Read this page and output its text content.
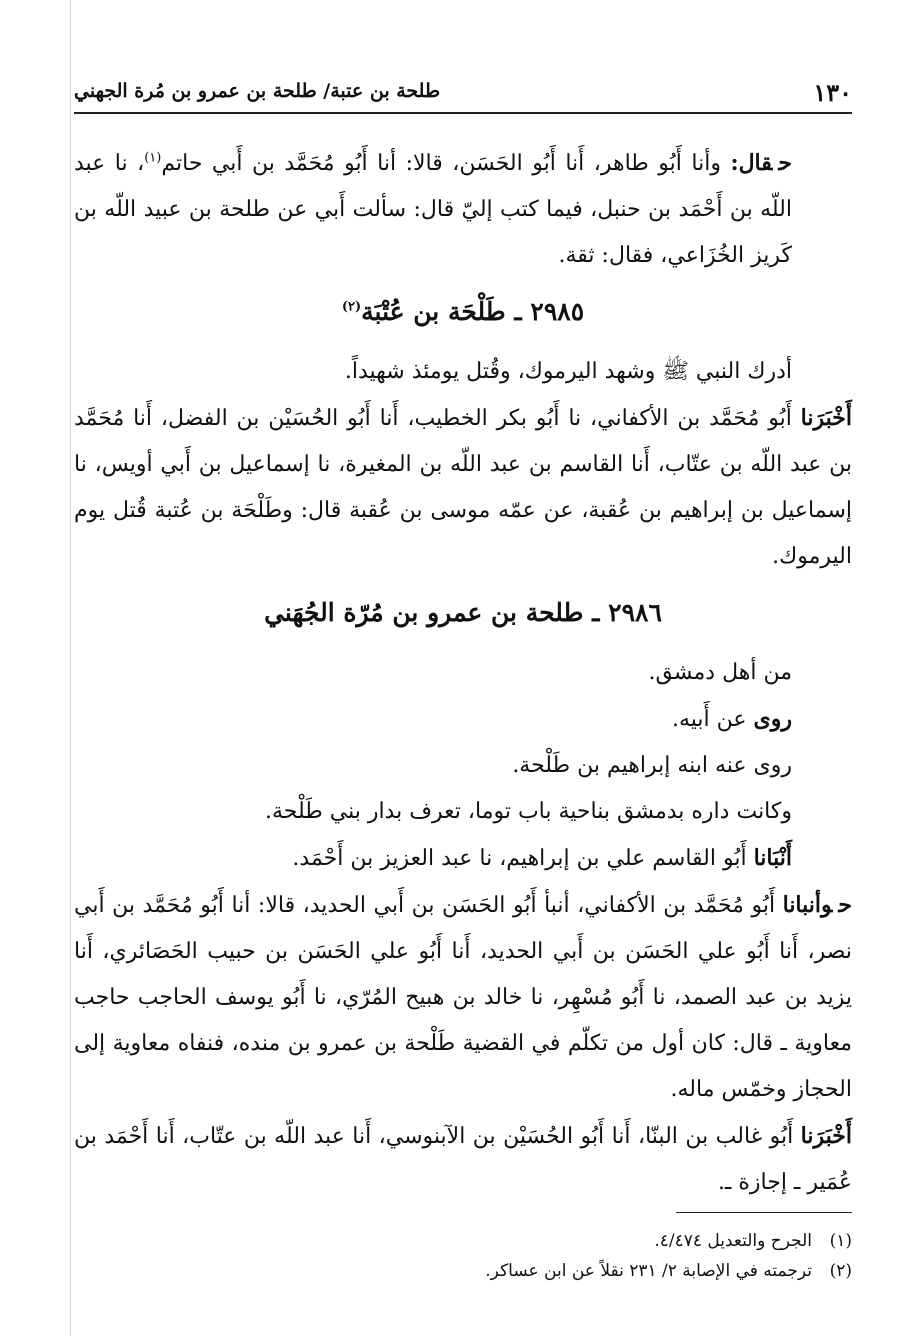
١٣٠
طلحة بن عتبة/ طلحة بن عمرو بن مُرة الجهني

حقال: وأنا أَبُو طاهر، أَنا أَبُو الحَسَن، قالا: أنا أَبُو مُحَمَّد بن أَبي حاتم$^{(١)}$، نا عبد اللّه بن أَحْمَد بن حنبل، فيما كتب إليّ قال: سألت أَبي عن طلحة بن عبيد اللّه بن كَريز الخُزَاعي، فقال: ثقة.

٢٩٨٥ ـ طَلْحَة بن عُتْبَة$^{(٢)}$

أدرك النبي ﷺ وشهد اليرموك، وقُتل يومئذ شهيداً.

أَخْبَرَنا أَبُو مُحَمَّد بن الأكفاني، نا أَبُو بكر الخطيب، أَنا أَبُو الحُسَيْن بن الفضل، أَنا مُحَمَّد بن عبد اللّه بن عتّاب، أَنا القاسم بن عبد اللّه بن المغيرة، نا إسماعيل بن أَبي أويس، نا إسماعيل بن إبراهيم بن عُقبة، عن عمّه موسى بن عُقبة قال: وطَلْحَة بن عُتبة قُتل يوم اليرموك.

٢٩٨٦ ـ طلحة بن عمرو بن مُرّة الجُهَني

من أهل دمشق.

روى عن أَبيه.

روى عنه ابنه إبراهيم بن طَلْحة.

وكانت داره بدمشق بناحية باب توما، تعرف بدار بني طَلْحة.

أَنْبَانا أَبُو القاسم علي بن إبراهيم، نا عبد العزيز بن أَحْمَد.

حوأنبانا أَبُو مُحَمَّد بن الأكفاني، أنبأ أَبُو الحَسَن بن أَبي الحديد، قالا: أنا أَبُو مُحَمَّد بن أَبي نصر، أَنا أَبُو علي الحَسَن بن أَبي الحديد، أَنا أَبُو علي الحَسَن بن حبيب الحَصَائري، أَنا يزيد بن عبد الصمد، نا أَبُو مُسْهِر، نا خالد بن هبيح المُرّي، نا أَبُو يوسف الحاجب حاجب معاوية ـ قال: كان أول من تكلّم في القضية طَلْحة بن عمرو بن منده، فنفاه معاوية إلى الحجاز وخمّس ماله.

أَخْبَرَنا أَبُو غالب بن البنّا، أَنا أَبُو الحُسَيْن بن الآبنوسي، أَنا عبد اللّه بن عتّاب، أَنا أَحْمَد بن عُمَير ـ إجازة ـ.

(١)الجرح والتعديل ٤/٤٧٤.

(٢)ترجمته في الإصابة ٢/ ٢٣١ نقلاً عن ابن عساكر.
